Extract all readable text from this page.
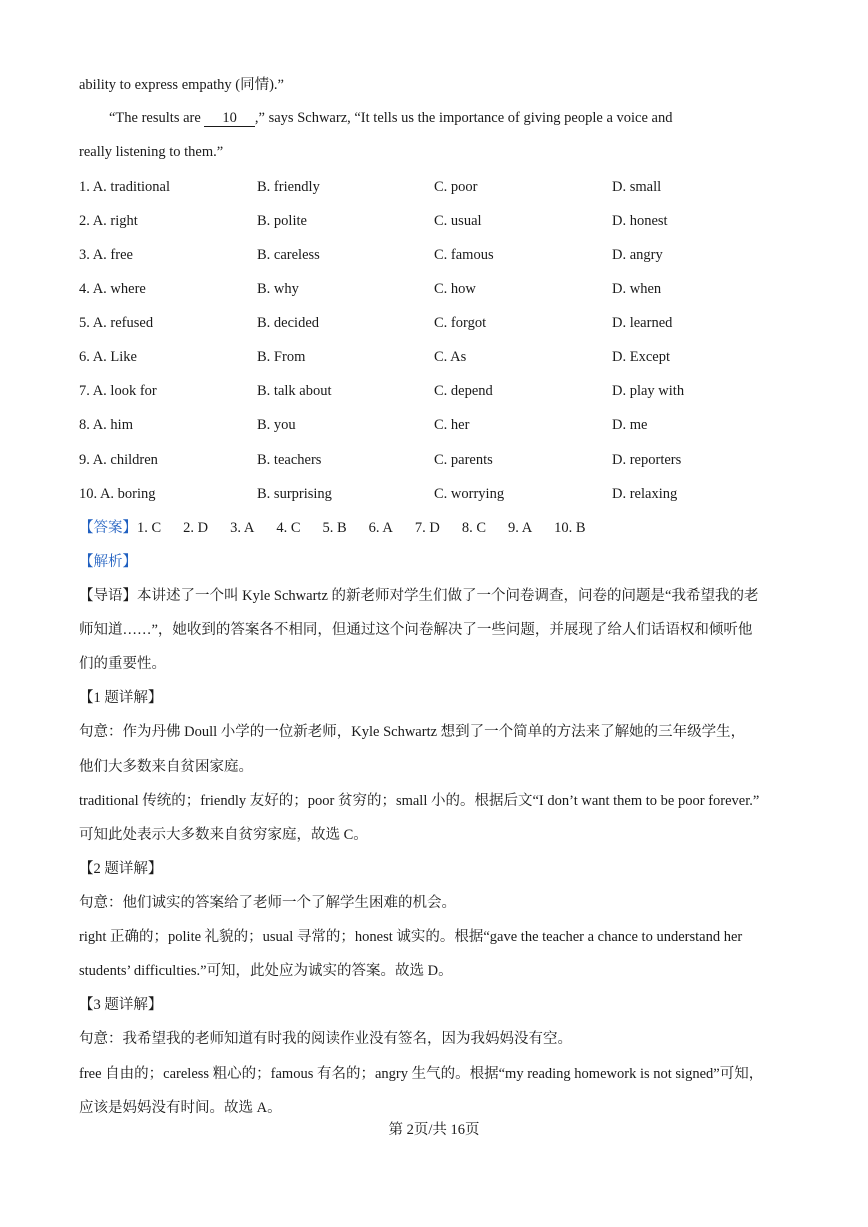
ability to express empathy (同情).”
“The results are 10 ,” says Schwarz, “It tells us the importance of giving people a voice and
really listening to them.”
1. A. traditional	B. friendly	C. poor	D. small
2. A. right	B. polite	C. usual	D. honest
3. A. free	B. careless	C. famous	D. angry
4. A. where	B. why	C. how	D. when
5. A. refused	B. decided	C. forgot	D. learned
6. A. Like	B. From	C. As	D. Except
7. A. look for	B. talk about	C. depend	D. play with
8. A. him	B. you	C. her	D. me
9. A. children	B. teachers	C. parents	D. reporters
10. A. boring	B. surprising	C. worrying	D. relaxing
【答案】1. C 2. D 3. A 4. C 5. B 6. A 7. D 8. C 9. A 10. B
【解析】
【导语】本讲述了一个叫 Kyle Schwartz 的新老师对学生们做了一个问卷调查，问卷的问题是“我希望我的老
师知道……”，她收到的答案各不相同，但通过这个问卷解决了一些问题，并展现了给人们话语权和倾听他
们的重要性。
【1 题详解】
句意：作为丹佛 Doull 小学的一位新老师，Kyle Schwartz 想到了一个简单的方法来了解她的三年级学生，
他们大多数来自贫困家庭。
traditional 传统的；friendly 友好的；poor 贫穷的；small 小的。根据后文“I don’t want them to be poor forever.”
可知此处表示大多数来自贫穷家庭，故选 C。
【2 题详解】
句意：他们诚实的答案给了老师一个了解学生困难的机会。
right 正确的；polite 礼貌的；usual 寻常的；honest 诚实的。根据“gave the teacher a chance to understand her
students’ difficulties.”可知，此处应为诚实的答案。故选 D。
【3 题详解】
句意：我希望我的老师知道有时我的阅读作业没有签名，因为我妈妈没有空。
free 自由的；careless 粗心的；famous 有名的；angry 生气的。根据“my reading homework is not signed”可知，
应该是妈妈没有时间。故选 A。
第 2页/共 16页
